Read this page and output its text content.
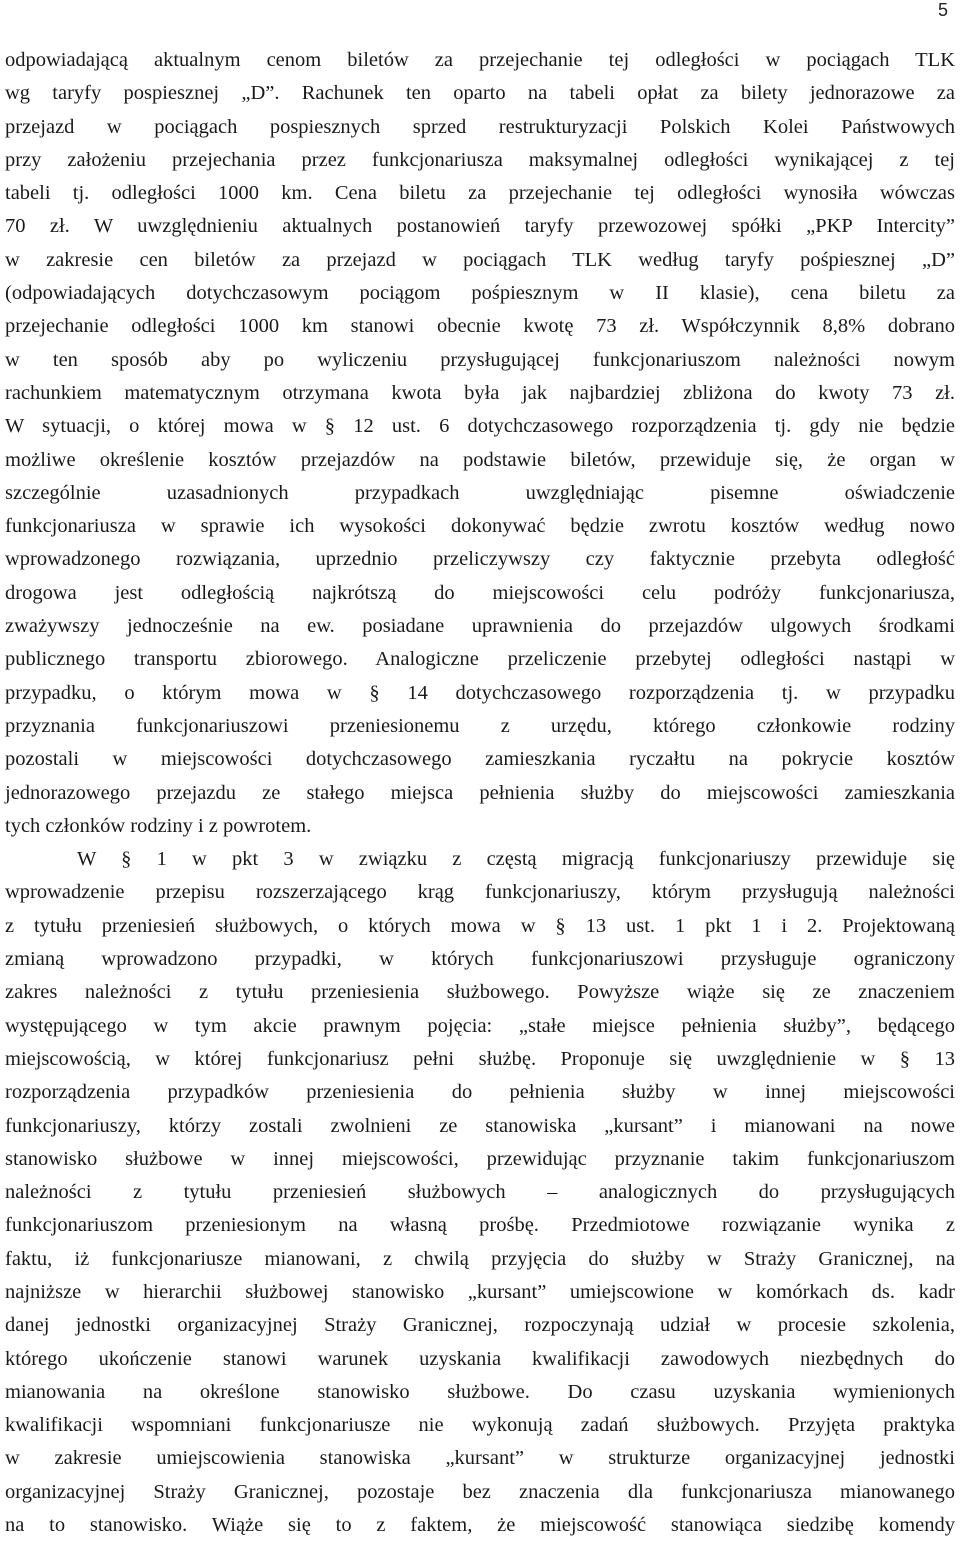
5
odpowiadającą aktualnym cenom biletów za przejechanie tej odległości w pociągach TLK
wg taryfy pospiesznej „D”. Rachunek ten oparto na tabeli opłat za bilety jednorazowe za
przejazd w pociągach pospiesznych sprzed restrukturyzacji Polskich Kolei Państwowych
przy założeniu przejechania przez funkcjonariusza maksymalnej odległości wynikającej z tej
tabeli tj. odległości 1000 km. Cena biletu za przejechanie tej odległości wynosiła wówczas
70 zł. W uwzględnieniu aktualnych postanowień taryfy przewozowej spółki „PKP Intercity”
w zakresie cen biletów za przejazd w pociągach TLK według taryfy pośpiesznej „D”
(odpowiadających dotychczasowym pociągom pośpiesznym w II klasie), cena biletu za
przejechanie odległości 1000 km stanowi obecnie kwotę 73 zł. Współczynnik 8,8% dobrano
w ten sposób aby po wyliczeniu przysługującej funkcjonariuszom należności nowym
rachunkiem matematycznym otrzymana kwota była jak najbardziej zbliżona do kwoty 73 zł.
W sytuacji, o której mowa w § 12 ust. 6 dotychczasowego rozporządzenia tj. gdy nie będzie
możliwe określenie kosztów przejazdów na podstawie biletów, przewiduje się, że organ w
szczególnie uzasadnionych przypadkach uwzględniając pisemne oświadczenie
funkcjonariusza w sprawie ich wysokości dokonywać będzie zwrotu kosztów według nowo
wprowadzonego rozwiązania, uprzednio przeliczywszy czy faktycznie przebyta odległość
drogowa jest odległością najkrótszą do miejscowości celu podróży funkcjonariusza,
zważywszy jednocześnie na ew. posiadane uprawnienia do przejazdów ulgowych środkami
publicznego transportu zbiorowego. Analogiczne przeliczenie przebytej odległości nastąpi w
przypadku, o którym mowa w § 14 dotychczasowego rozporządzenia tj. w przypadku
przyznania funkcjonariuszowi przeniesionemu z urzędu, którego członkowie rodziny
pozostali w miejscowości dotychczasowego zamieszkania ryczałtu na pokrycie kosztów
jednorazowego przejazdu ze stałego miejsca pełnienia służby do miejscowości zamieszkania
tych członków rodziny i z powrotem.
W § 1 w pkt 3 w związku z częstą migracją funkcjonariuszy przewiduje się
wprowadzenie przepisu rozszerzającego krąg funkcjonariuszy, którym przysługują należności
z tytułu przeniesień służbowych, o których mowa w § 13 ust. 1 pkt 1 i 2. Projektowaną
zmianą wprowadzono przypadki, w których funkcjonariuszowi przysługuje ograniczony
zakres należności z tytułu przeniesienia służbowego. Powyższe wiąże się ze znaczeniem
występującego w tym akcie prawnym pojęcia: „stałe miejsce pełnienia służby”, będącego
miejscowością, w której funkcjonariusz pełni służbę. Proponuje się uwzględnienie w § 13
rozporządzenia przypadków przeniesienia do pełnienia służby w innej miejscowości
funkcjonariuszy, którzy zostali zwolnieni ze stanowiska „kursant” i mianowani na nowe
stanowisko służbowe w innej miejscowości, przewidując przyznanie takim funkcjonariuszom
należności z tytułu przeniesień służbowych – analogicznych do przysługujących
funkcjonariuszom przeniesionym na własną prośbę. Przedmiotowe rozwiązanie wynika z
faktu, iż funkcjonariusze mianowani, z chwilą przyjęcia do służby w Straży Granicznej, na
najniższe w hierarchii służbowej stanowisko „kursant” umiejscowione w komórkach ds. kadr
danej jednostki organizacyjnej Straży Granicznej, rozpoczynają udział w procesie szkolenia,
którego ukończenie stanowi warunek uzyskania kwalifikacji zawodowych niezbędnych do
mianowania na określone stanowisko służbowe. Do czasu uzyskania wymienionych
kwalifikacji wspomniani funkcjonariusze nie wykonują zadań służbowych. Przyjęta praktyka
w zakresie umiejscowienia stanowiska „kursant” w strukturze organizacyjnej jednostki
organizacyjnej Straży Granicznej, pozostaje bez znaczenia dla funkcjonariusza mianowanego
na to stanowisko. Wiąże się to z faktem, że miejscowość stanowiąca siedzibę komendy
